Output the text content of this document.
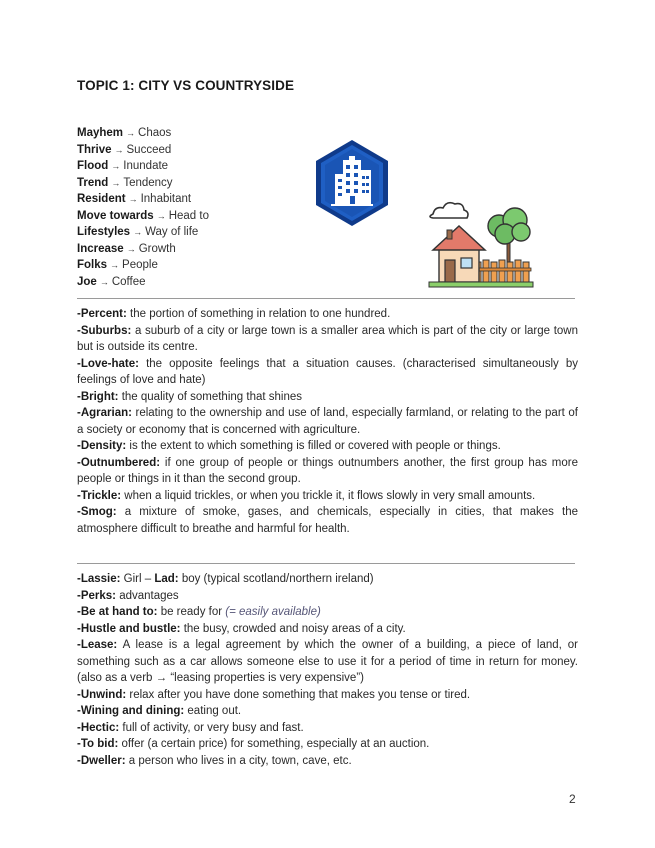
TOPIC 1: CITY VS COUNTRYSIDE
Mayhem → Chaos
Thrive → Succeed
Flood → Inundate
Trend → Tendency
Resident → Inhabitant
Move towards → Head to
Lifestyles → Way of life
Increase → Growth
Folks → People
Joe → Coffee

-Percent: the portion of something in relation to one hundred.

-Suburbs: a suburb of a city or large town is a smaller area which is part of the city or large town but is outside its centre.

-Love-hate: the opposite feelings that a situation causes. (characterised simultaneously by feelings of love and hate)

-Bright: the quality of something that shines

-Agrarian: relating to the ownership and use of land, especially farmland, or relating to the part of a society or economy that is concerned with agriculture.

-Density: is the extent to which something is filled or covered with people or things.

-Outnumbered: if one group of people or things outnumbers another, the first group has more people or things in it than the second group.

-Trickle: when a liquid trickles, or when you trickle it, it flows slowly in very small amounts.

-Smog: a mixture of smoke, gases, and chemicals, especially in cities, that makes the atmosphere difficult to breathe and harmful for health.

-Lassie: Girl – Lad: boy (typical scotland/northern ireland)

-Perks: advantages

-Be at hand to: be ready for (= easily available)

-Hustle and bustle: the busy, crowded and noisy areas of a city.

-Lease: A lease is a legal agreement by which the owner of a building, a piece of land, or something such as a car allows someone else to use it for a period of time in return for money. (also as a verb → “leasing properties is very expensive”)

-Unwind: relax after you have done something that makes you tense or tired.

-Wining and dining: eating out.

-Hectic: full of activity, or very busy and fast.

-To bid: offer (a certain price) for something, especially at an auction.

-Dweller: a person who lives in a city, town, cave, etc.

2
